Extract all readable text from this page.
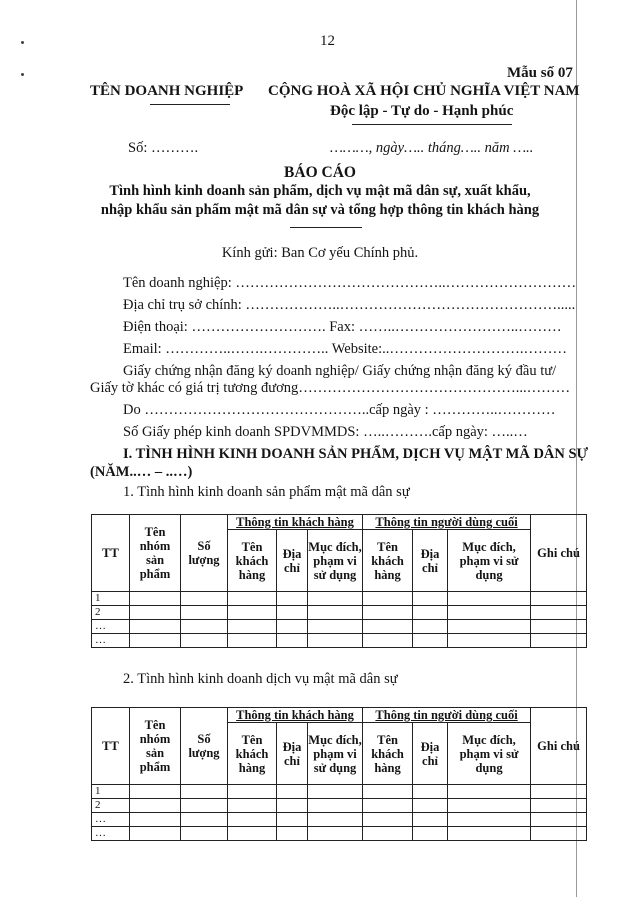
12
Mẫu số 07
TÊN DOANH NGHIỆP CỘNG HOÀ XÃ HỘI CHỦ NGHĨA VIỆT NAM
Độc lập - Tự do - Hạnh phúc
Số: ……….	………, ngày….. tháng….. năm …..
BÁO CÁO
Tình hình kinh doanh sản phẩm, dịch vụ mật mã dân sự, xuất khẩu,
nhập khẩu sản phẩm mật mã dân sự và tổng hợp thông tin khách hàng
Kính gửi: Ban Cơ yếu Chính phủ.
Tên doanh nghiệp: ……………………………………..………………………
Địa chỉ trụ sở chính: ………………..……………………………………….....
Điện thoại: ………………………. Fax: ……..……………………..………
Email: …………..…….………….. Website:..……………………….………
Giấy chứng nhận đăng ký doanh nghiệp/ Giấy chứng nhận đăng ký đầu tư/
Giấy tờ khác có giá trị tương đương………………………………………...………
Do ………………………………………..cấp ngày : …………..…………
Số Giấy phép kinh doanh SPDVMMDS: …..……….cấp ngày: …..…
I. TÌNH HÌNH KINH DOANH SẢN PHẨM, DỊCH VỤ MẬT MÃ DÂN SỰ
(NĂM..… – ..…)
1. Tình hình kinh doanh sản phẩm mật mã dân sự
TT	Tên nhóm sản phẩm	Số lượng	Thông tin khách hàng			Thông tin người dùng cuối			Ghi chú
			Tên khách hàng	Địa chỉ	Mục đích, phạm vi sử dụng	Tên khách hàng	Địa chỉ	Mục đích, phạm vi sử dụng	
1									
2									
…									
…									
2. Tình hình kinh doanh dịch vụ mật mã dân sự
TT	Tên nhóm sản phẩm	Số lượng	Thông tin khách hàng			Thông tin người dùng cuối			Ghi chú
			Tên khách hàng	Địa chỉ	Mục đích, phạm vi sử dụng	Tên khách hàng	Địa chỉ	Mục đích, phạm vi sử dụng	
1									
2									
…									
…									
